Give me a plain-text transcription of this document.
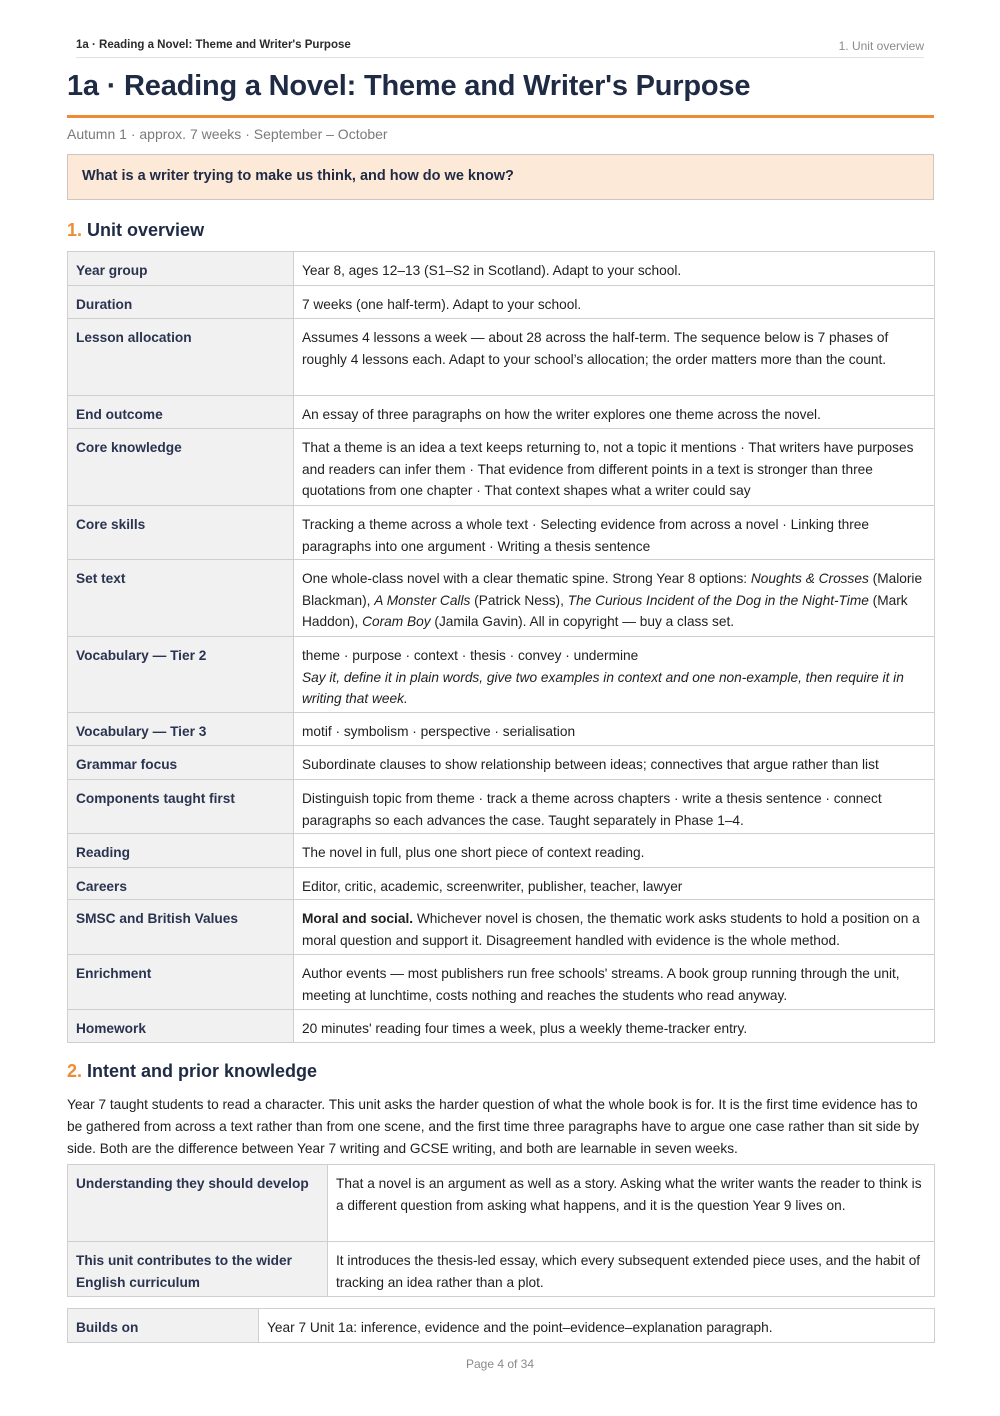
1a · Reading a Novel: Theme and Writer's Purpose	1. Unit overview
1a · Reading a Novel: Theme and Writer's Purpose
Autumn 1 · approx. 7 weeks · September – October
What is a writer trying to make us think, and how do we know?
1. Unit overview
Year group	Year 8, ages 12–13 (S1–S2 in Scotland). Adapt to your school.
Duration	7 weeks (one half-term). Adapt to your school.
Lesson allocation	Assumes 4 lessons a week — about 28 across the half-term. The sequence below is 7 phases of roughly 4 lessons each. Adapt to your school’s allocation; the order matters more than the count.
End outcome	An essay of three paragraphs on how the writer explores one theme across the novel.
Core knowledge	That a theme is an idea a text keeps returning to, not a topic it mentions · That writers have purposes and readers can infer them · That evidence from different points in a text is stronger than three quotations from one chapter · That context shapes what a writer could say
Core skills	Tracking a theme across a whole text · Selecting evidence from across a novel · Linking three paragraphs into one argument · Writing a thesis sentence
Set text	One whole-class novel with a clear thematic spine. Strong Year 8 options: Noughts & Crosses (Malorie Blackman), A Monster Calls (Patrick Ness), The Curious Incident of the Dog in the Night-Time (Mark Haddon), Coram Boy (Jamila Gavin). All in copyright — buy a class set.
Vocabulary — Tier 2	theme · purpose · context · thesis · convey · undermine
Say it, define it in plain words, give two examples in context and one non-example, then require it in writing that week.

Vocabulary — Tier 3	motif · symbolism · perspective · serialisation
Grammar focus	Subordinate clauses to show relationship between ideas; connectives that argue rather than list
Components taught first	Distinguish topic from theme · track a theme across chapters · write a thesis sentence · connect paragraphs so each advances the case. Taught separately in Phase 1–4.
Reading	The novel in full, plus one short piece of context reading.
Careers	Editor, critic, academic, screenwriter, publisher, teacher, lawyer
SMSC and British Values	Moral and social. Whichever novel is chosen, the thematic work asks students to hold a position on a moral question and support it. Disagreement handled with evidence is the whole method.
Enrichment	Author events — most publishers run free schools' streams. A book group running through the unit, meeting at lunchtime, costs nothing and reaches the students who read anyway.
Homework	20 minutes' reading four times a week, plus a weekly theme-tracker entry.
2. Intent and prior knowledge

Year 7 taught students to read a character. This unit asks the harder question of what the whole book is for. It is the first time evidence has to be gathered from across a text rather than from one scene, and the first time three paragraphs have to argue one case rather than sit side by side. Both are the difference between Year 7 writing and GCSE writing, and both are learnable in seven weeks.

Understanding they should develop	That a novel is an argument as well as a story. Asking what the writer wants the reader to think is a different question from asking what happens, and it is the question Year 9 lives on.
This unit contributes to the wider English curriculum	It introduces the thesis-led essay, which every subsequent extended piece uses, and the habit of tracking an idea rather than a plot.
Builds on	Year 7 Unit 1a: inference, evidence and the point–evidence–explanation paragraph.
Page 4 of 34
